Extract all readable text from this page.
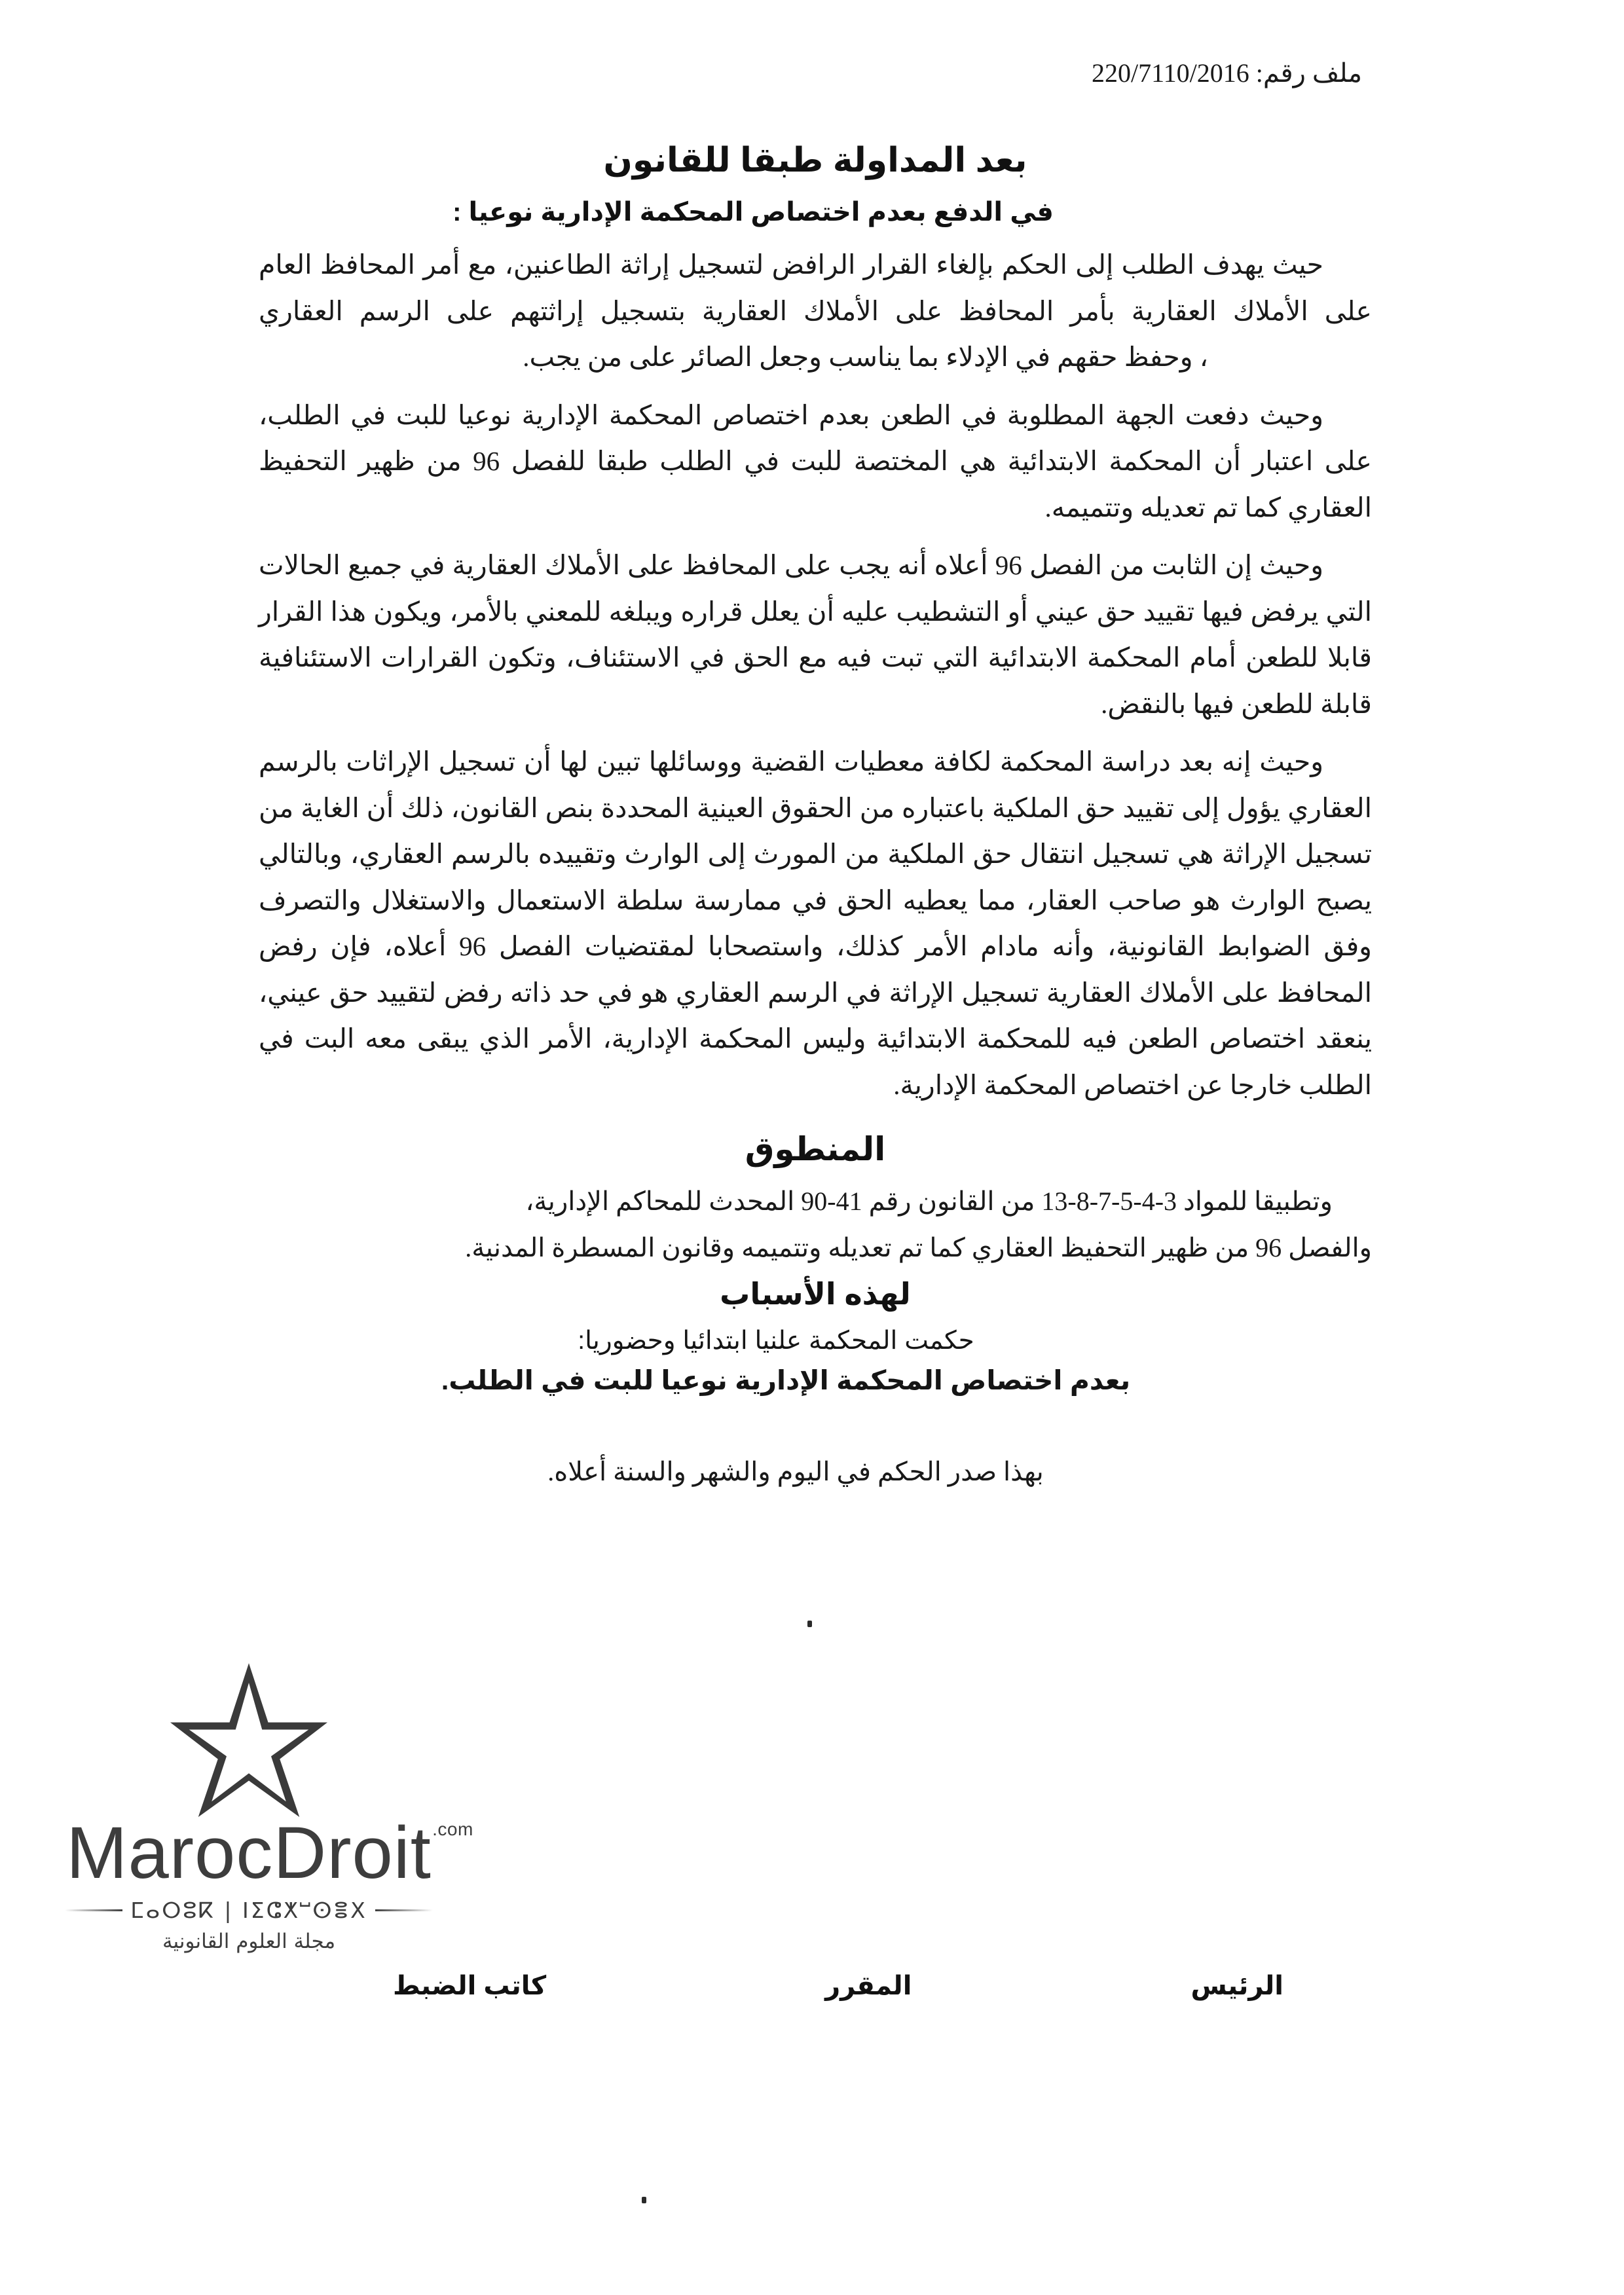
ملف رقم: 220/7110/2016
بعد المداولة طبقا للقانون
في الدفع بعدم اختصاص المحكمة الإدارية نوعيا :

حيث يهدف الطلب إلى الحكم بإلغاء القرار الرافض لتسجيل إراثة الطاعنين، مع أمر المحافظ العام على الأملاك العقارية بأمر المحافظ على الأملاك العقارية بتسجيل إراثتهم على الرسم العقاري، وحفظ حقهم في الإدلاء بما يناسب وجعل الصائر على من يجب.

وحيث دفعت الجهة المطلوبة في الطعن بعدم اختصاص المحكمة الإدارية نوعيا للبت في الطلب، على اعتبار أن المحكمة الابتدائية هي المختصة للبت في الطلب طبقا للفصل 96 من ظهير التحفيظ العقاري كما تم تعديله وتتميمه.

وحيث إن الثابت من الفصل 96 أعلاه أنه يجب على المحافظ على الأملاك العقارية في جميع الحالات التي يرفض فيها تقييد حق عيني أو التشطيب عليه أن يعلل قراره ويبلغه للمعني بالأمر، ويكون هذا القرار قابلا للطعن أمام المحكمة الابتدائية التي تبت فيه مع الحق في الاستئناف، وتكون القرارات الاستئنافية قابلة للطعن فيها بالنقض.

وحيث إنه بعد دراسة المحكمة لكافة معطيات القضية ووسائلها تبين لها أن تسجيل الإراثات بالرسم العقاري يؤول إلى تقييد حق الملكية باعتباره من الحقوق العينية المحددة بنص القانون، ذلك أن الغاية من تسجيل الإراثة هي تسجيل انتقال حق الملكية من المورث إلى الوارث وتقييده بالرسم العقاري، وبالتالي يصبح الوارث هو صاحب العقار، مما يعطيه الحق في ممارسة سلطة الاستعمال والاستغلال والتصرف وفق الضوابط القانونية، وأنه مادام الأمر كذلك، واستصحابا لمقتضيات الفصل 96 أعلاه، فإن رفض المحافظ على الأملاك العقارية تسجيل الإراثة في الرسم العقاري هو في حد ذاته رفض لتقييد حق عيني، ينعقد اختصاص الطعن فيه للمحكمة الابتدائية وليس المحكمة الإدارية، الأمر الذي يبقى معه البت في الطلب خارجا عن اختصاص المحكمة الإدارية.

المنطوق

وتطبيقا للمواد 3-4-5-7-8-13 من القانون رقم 41-90 المحدث للمحاكم الإدارية،

والفصل 96 من ظهير التحفيظ العقاري كما تم تعديله وتتميمه وقانون المسطرة المدنية.

لهذه الأسباب

حكمت المحكمة علنيا ابتدائيا وحضوريا:

بعدم اختصاص المحكمة الإدارية نوعيا للبت في الطلب.

بهذا صدر الحكم في اليوم والشهر والسنة أعلاه.

الرئيس
المقرر
كاتب الضبط
MarocDroit .com
ⵎⴰⵔⵓⴽ | ⵏⵉⵛⵅⵯⵙⴻⵝ
مجلة العلوم القانونية
